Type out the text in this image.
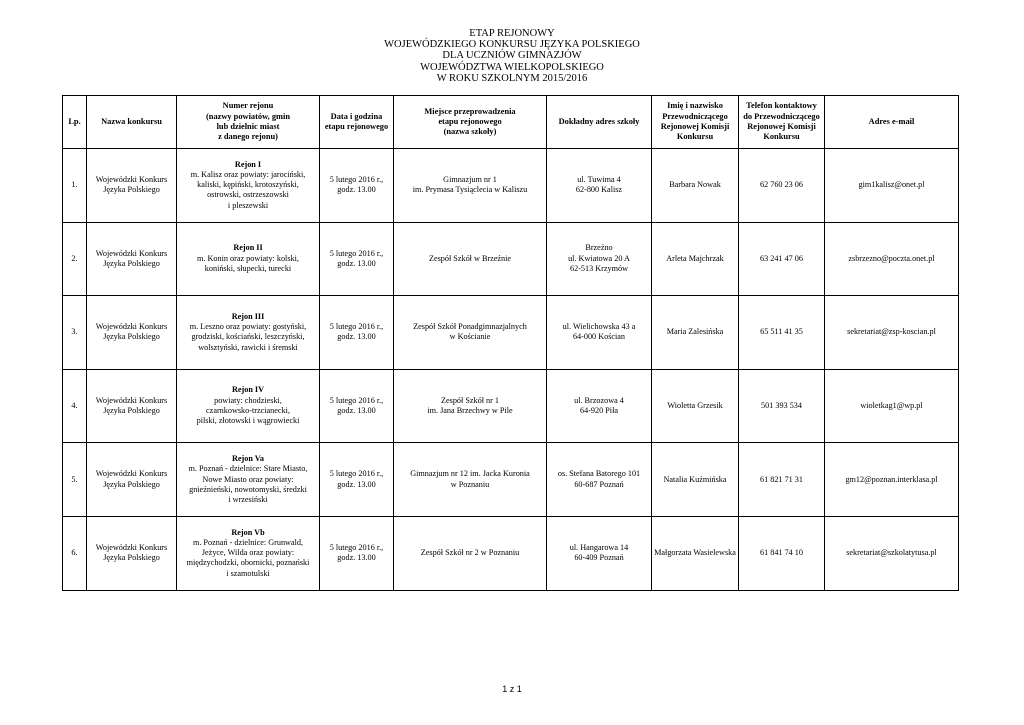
ETAP REJONOWY
WOJEWÓDZKIEGO KONKURSU JĘZYKA POLSKIEGO
DLA UCZNIÓW GIMNAZJÓW
WOJEWÓDZTWA WIELKOPOLSKIEGO
W ROKU SZKOLNYM 2015/2016
Lp.	Nazwa konkursu	Numer rejonu
(nazwy powiatów, gmin
lub dzielnic miast
z danego rejonu)	Data i godzina
etapu rejonowego	Miejsce przeprowadzenia
etapu rejonowego
(nazwa szkoły)	Dokładny adres szkoły	Imię i nazwisko
Przewodniczącego
Rejonowej Komisji
Konkursu	Telefon kontaktowy
do Przewodniczącego
Rejonowej Komisji
Konkursu	Adres e-mail
1.	Wojewódzki Konkurs
Języka Polskiego	Rejon I
m. Kalisz oraz powiaty: jarociński,
kaliski, kępiński, krotoszyński,
ostrowski, ostrzeszowski
i pleszewski	5 lutego 2016 r.,
godz. 13.00	Gimnazjum nr 1
im. Prymasa Tysiąclecia w Kaliszu	ul. Tuwima 4
62-800 Kalisz	Barbara Nowak	62 760 23 06	gim1kalisz@onet.pl
2.	Wojewódzki Konkurs
Języka Polskiego	Rejon II
m. Konin oraz powiaty: kolski,
koniński, słupecki, turecki	5 lutego 2016 r.,
godz. 13.00	Zespół Szkół w Brzeźnie	Brzeźno
ul. Kwiatowa 20 A
62-513 Krzymów	Arleta Majchrzak	63 241 47 06	zsbrzezno@poczta.onet.pl
3.	Wojewódzki Konkurs
Języka Polskiego	Rejon III
m. Leszno oraz powiaty: gostyński,
grodziski, kościański, leszczyński,
wolsztyński, rawicki i śremski	5 lutego 2016 r.,
godz. 13.00	Zespół Szkół Ponadgimnazjalnych
w Kościanie	ul. Wielichowska 43 a
64-000 Kościan	Maria Zalesińska	65 511 41 35	sekretariat@zsp-koscian.pl
4.	Wojewódzki Konkurs
Języka Polskiego	Rejon IV
powiaty: chodzieski,
czarnkowsko-trzcianecki,
pilski, złotowski i wągrowiecki	5 lutego 2016 r.,
godz. 13.00	Zespół Szkół nr 1
im. Jana Brzechwy w Pile	ul. Brzozowa 4
64-920 Piła	Wioletta Grzesik	501 393 534	wioletkag1@wp.pl
5.	Wojewódzki Konkurs
Języka Polskiego	Rejon Va
m. Poznań - dzielnice: Stare Miasto,
Nowe Miasto oraz powiaty:
gnieźnieński, nowotomyski, średzki
i wrzesiński	5 lutego 2016 r.,
godz. 13.00	Gimnazjum nr 12 im. Jacka Kuronia
w Poznaniu	os. Stefana Batorego 101
60-687 Poznań	Natalia Kuźmińska	61 821 71 31	gm12@poznan.interklasa.pl
6.	Wojewódzki Konkurs
Języka Polskiego	Rejon Vb
m. Poznań - dzielnice: Grunwald,
Jeżyce, Wilda oraz powiaty:
międzychodzki, obornicki, poznański
i szamotulski	5 lutego 2016 r.,
godz. 13.00	Zespół Szkół nr 2 w Poznaniu	ul. Hangarowa 14
60-409 Poznań	Małgorzata Wasielewska	61 841 74 10	sekretariat@szkolatytusa.pl
1 z 1
